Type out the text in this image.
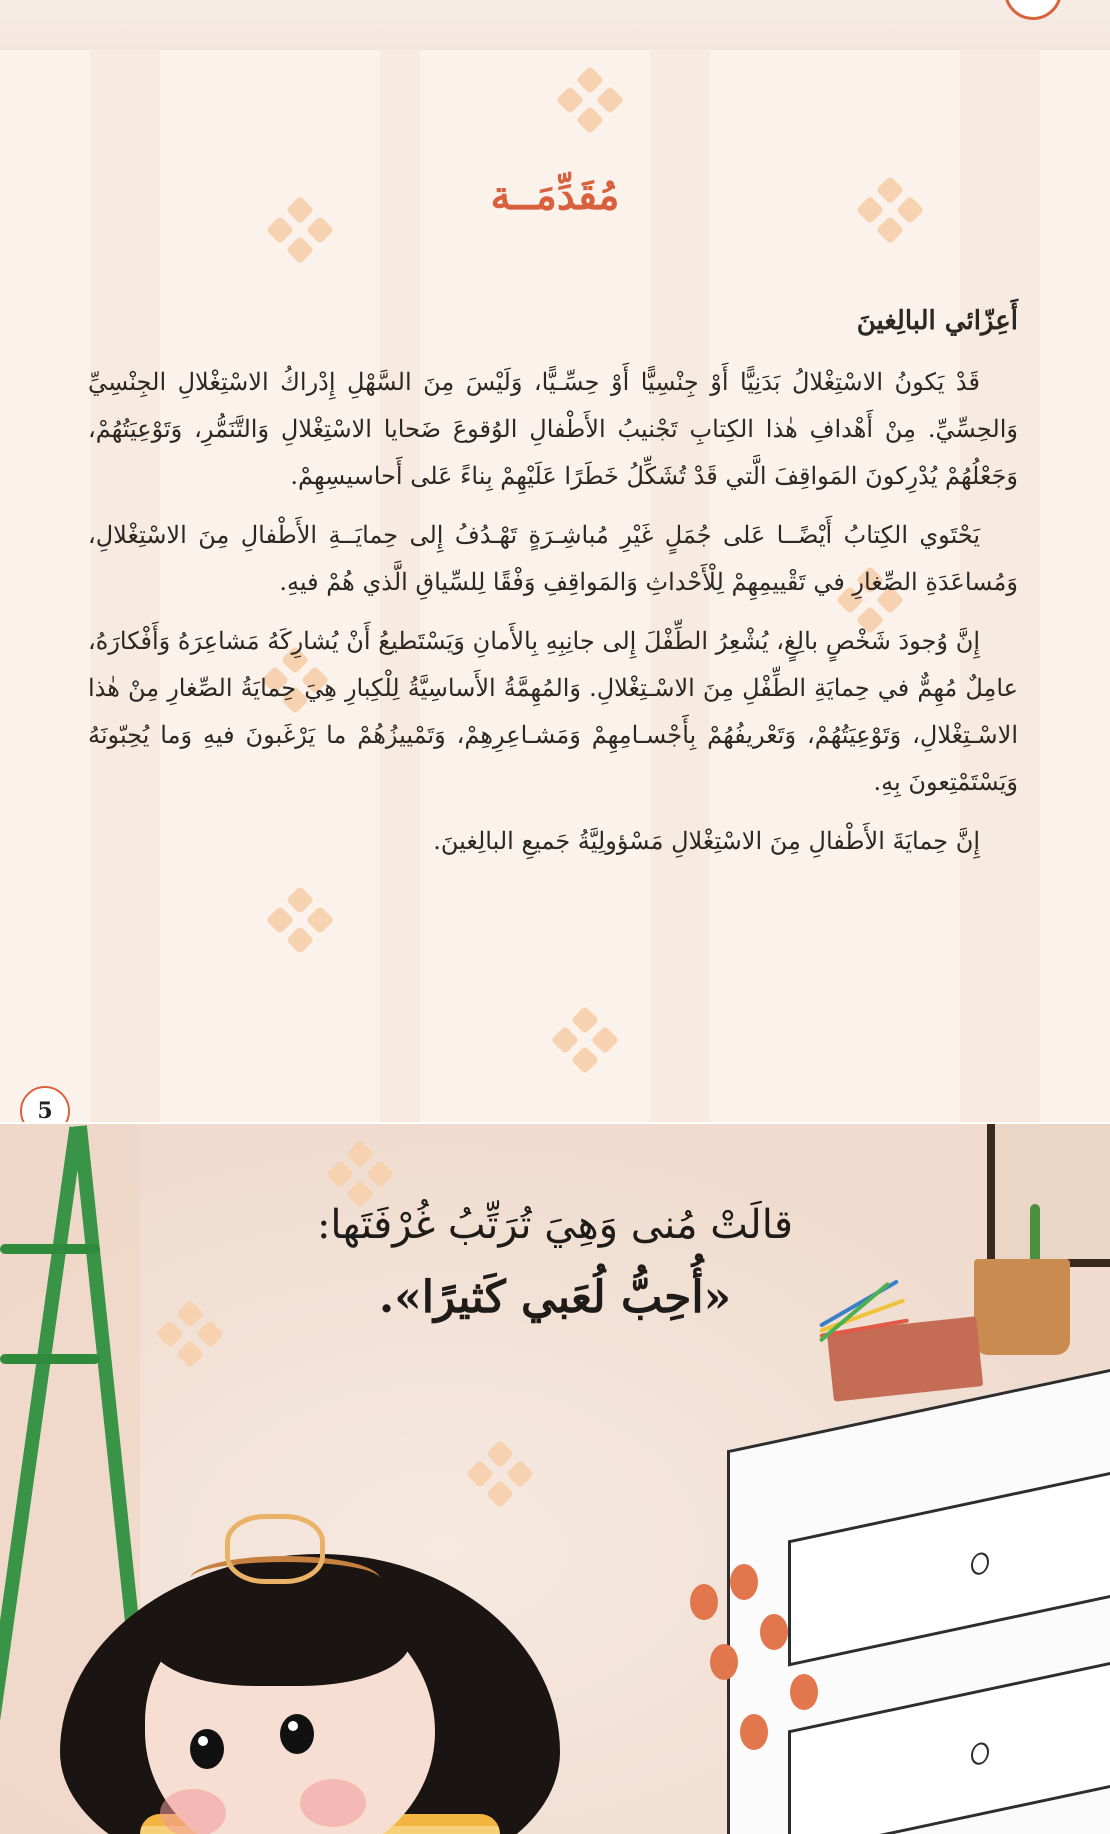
مُقَدِّمَــة
أَعِزّائي البالِغينَ

قَدْ يَكونُ الاسْتِغْلالُ بَدَنِيًّا أَوْ جِنْسِيًّا أَوْ حِسِّـيًّا، وَلَيْسَ مِنَ السَّهْلِ إِدْراكُ الاسْتِغْلالِ الجِنْسِيِّ وَالحِسِّيِّ. مِنْ أَهْدافِ هٰذا الكِتابِ تَجْنيبُ الأَطْفالِ الوُقوعَ ضَحايا الاسْتِغْلالِ وَالتَّنَمُّرِ، وَتَوْعِيَتُهُمْ، وَجَعْلُهُمْ يُدْرِكونَ المَواقِفَ الَّتي قَدْ تُشَكِّلُ خَطَرًا عَلَيْهِمْ بِناءً عَلى أَحاسيسِهِمْ.

يَحْتَوي الكِتابُ أَيْضًــا عَلى جُمَلٍ غَيْرِ مُباشِـرَةٍ تَهْـدُفُ إِلى حِمايَــةِ الأَطْفالِ مِنَ الاسْتِغْلالِ، وَمُساعَدَةِ الصِّغارِ في تَقْييمِهِمْ لِلْأَحْداثِ وَالمَواقِفِ وَفْقًا لِلسِّياقِ الَّذي هُمْ فيهِ.

إِنَّ وُجودَ شَخْصٍ بالِغٍ، يُشْعِرُ الطِّفْلَ إِلى جانِبِهِ بِالأَمانِ وَيَسْتَطيعُ أَنْ يُشارِكَهُ مَشاعِرَهُ وَأَفْكارَهُ، عامِلٌ مُهِمٌّ في حِمايَةِ الطِّفْلِ مِنَ الاسْـتِغْلالِ. وَالمُهِمَّةُ الأَساسِيَّةُ لِلْكِبارِ هِيَ حِمايَةُ الصِّغارِ مِنْ هٰذا الاسْـتِغْلالِ، وَتَوْعِيَتُهُمْ، وَتَعْريفُهُمْ بِأَجْسـامِهِمْ وَمَشـاعِرِهِمْ، وَتَمْييزُهُمْ ما يَرْغَبونَ فيهِ وَما يُحِبّونَهُ وَيَسْتَمْتِعونَ بِهِ.

إِنَّ حِمايَةَ الأَطْفالِ مِنَ الاسْتِغْلالِ مَسْؤولِيَّةُ جَميعِ البالِغينَ.

5
قالَتْ مُنى وَهِيَ تُرَتِّبُ غُرْفَتَها:
«أُحِبُّ لُعَبي كَثيرًا».
